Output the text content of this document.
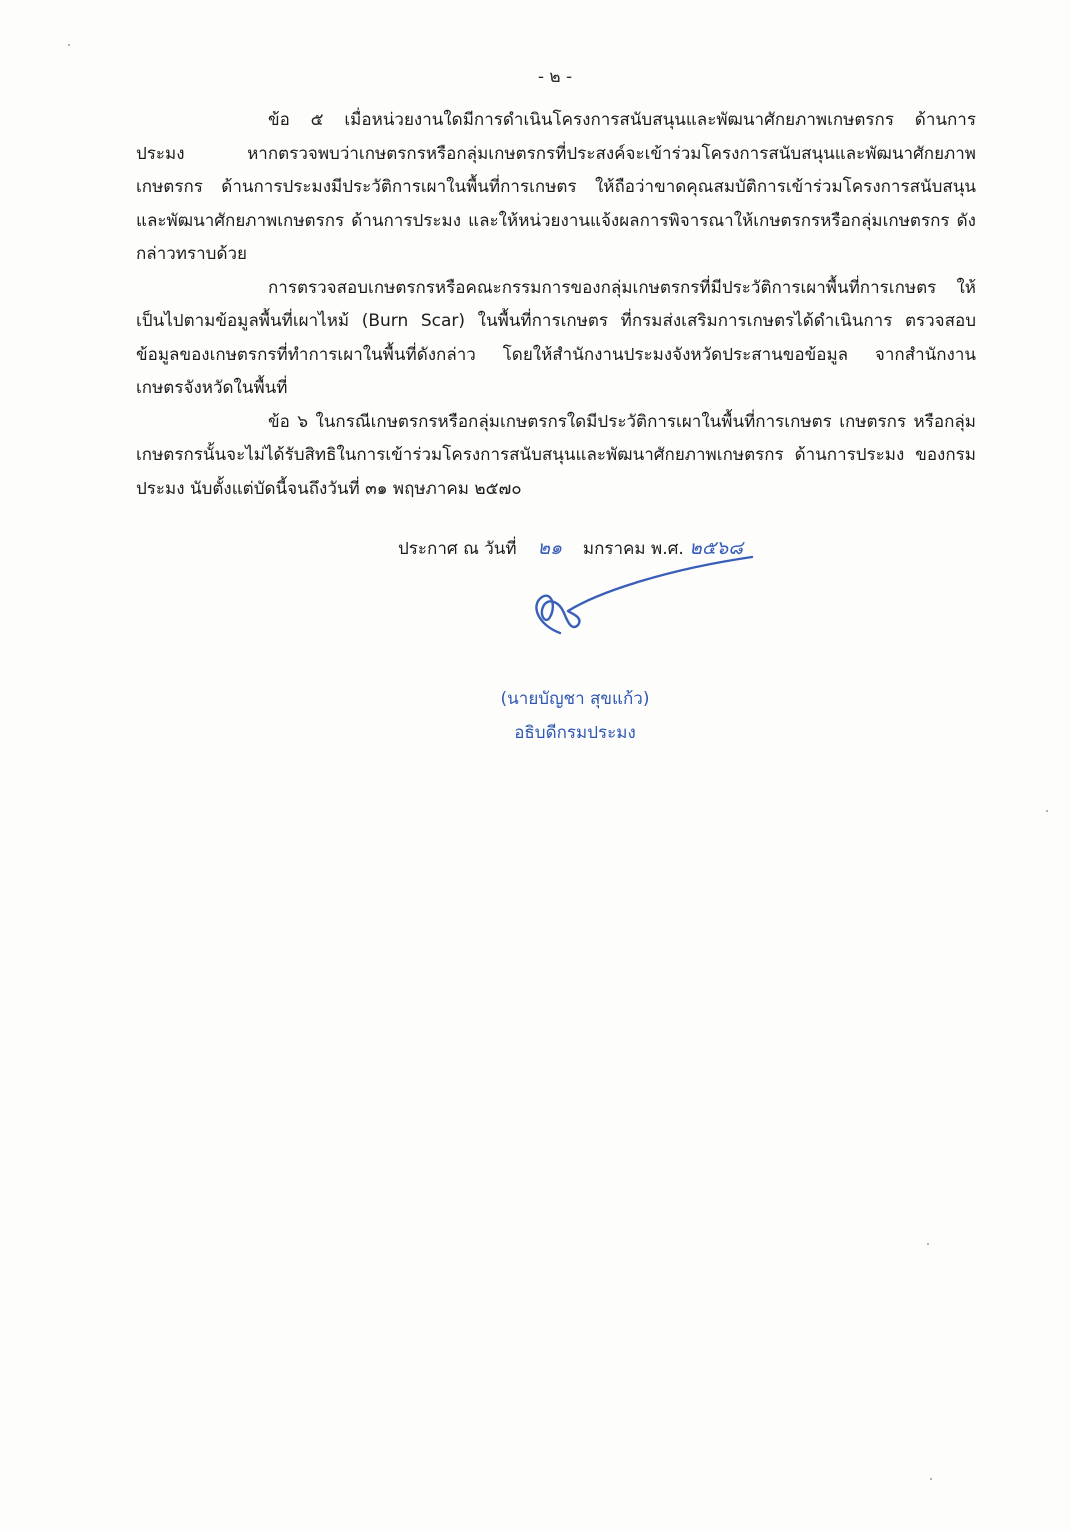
- ๒ -

ข้อ ๕ เมื่อหน่วยงานใดมีการดำเนินโครงการสนับสนุนและพัฒนาศักยภาพเกษตรกร ด้านการประมง หากตรวจพบว่าเกษตรกรหรือกลุ่มเกษตรกรที่ประสงค์จะเข้าร่วมโครงการสนับสนุนและพัฒนาศักยภาพเกษตรกร ด้านการประมงมีประวัติการเผาในพื้นที่การเกษตร ให้ถือว่าขาดคุณสมบัติการเข้าร่วมโครงการสนับสนุน และพัฒนาศักยภาพเกษตรกร ด้านการประมง และให้หน่วยงานแจ้งผลการพิจารณาให้เกษตรกรหรือกลุ่มเกษตรกร ดังกล่าวทราบด้วย

การตรวจสอบเกษตรกรหรือคณะกรรมการของกลุ่มเกษตรกรที่มีประวัติการเผาพื้นที่การเกษตร ให้เป็นไปตามข้อมูลพื้นที่เผาไหม้ (Burn Scar) ในพื้นที่การเกษตร ที่กรมส่งเสริมการเกษตรได้ดำเนินการ ตรวจสอบข้อมูลของเกษตรกรที่ทำการเผาในพื้นที่ดังกล่าว โดยให้สำนักงานประมงจังหวัดประสานขอข้อมูล จากสำนักงานเกษตรจังหวัดในพื้นที่

ข้อ ๖ ในกรณีเกษตรกรหรือกลุ่มเกษตรกรใดมีประวัติการเผาในพื้นที่การเกษตร เกษตรกร หรือกลุ่มเกษตรกรนั้นจะไม่ได้รับสิทธิในการเข้าร่วมโครงการสนับสนุนและพัฒนาศักยภาพเกษตรกร ด้านการประมง ของกรมประมง นับตั้งแต่บัดนี้จนถึงวันที่ ๓๑ พฤษภาคม ๒๕๗๐

ประกาศ ณ วันที่ ๒๑ มกราคม พ.ศ. ๒๕๖๘
(นายบัญชา สุขแก้ว)
อธิบดีกรมประมง
